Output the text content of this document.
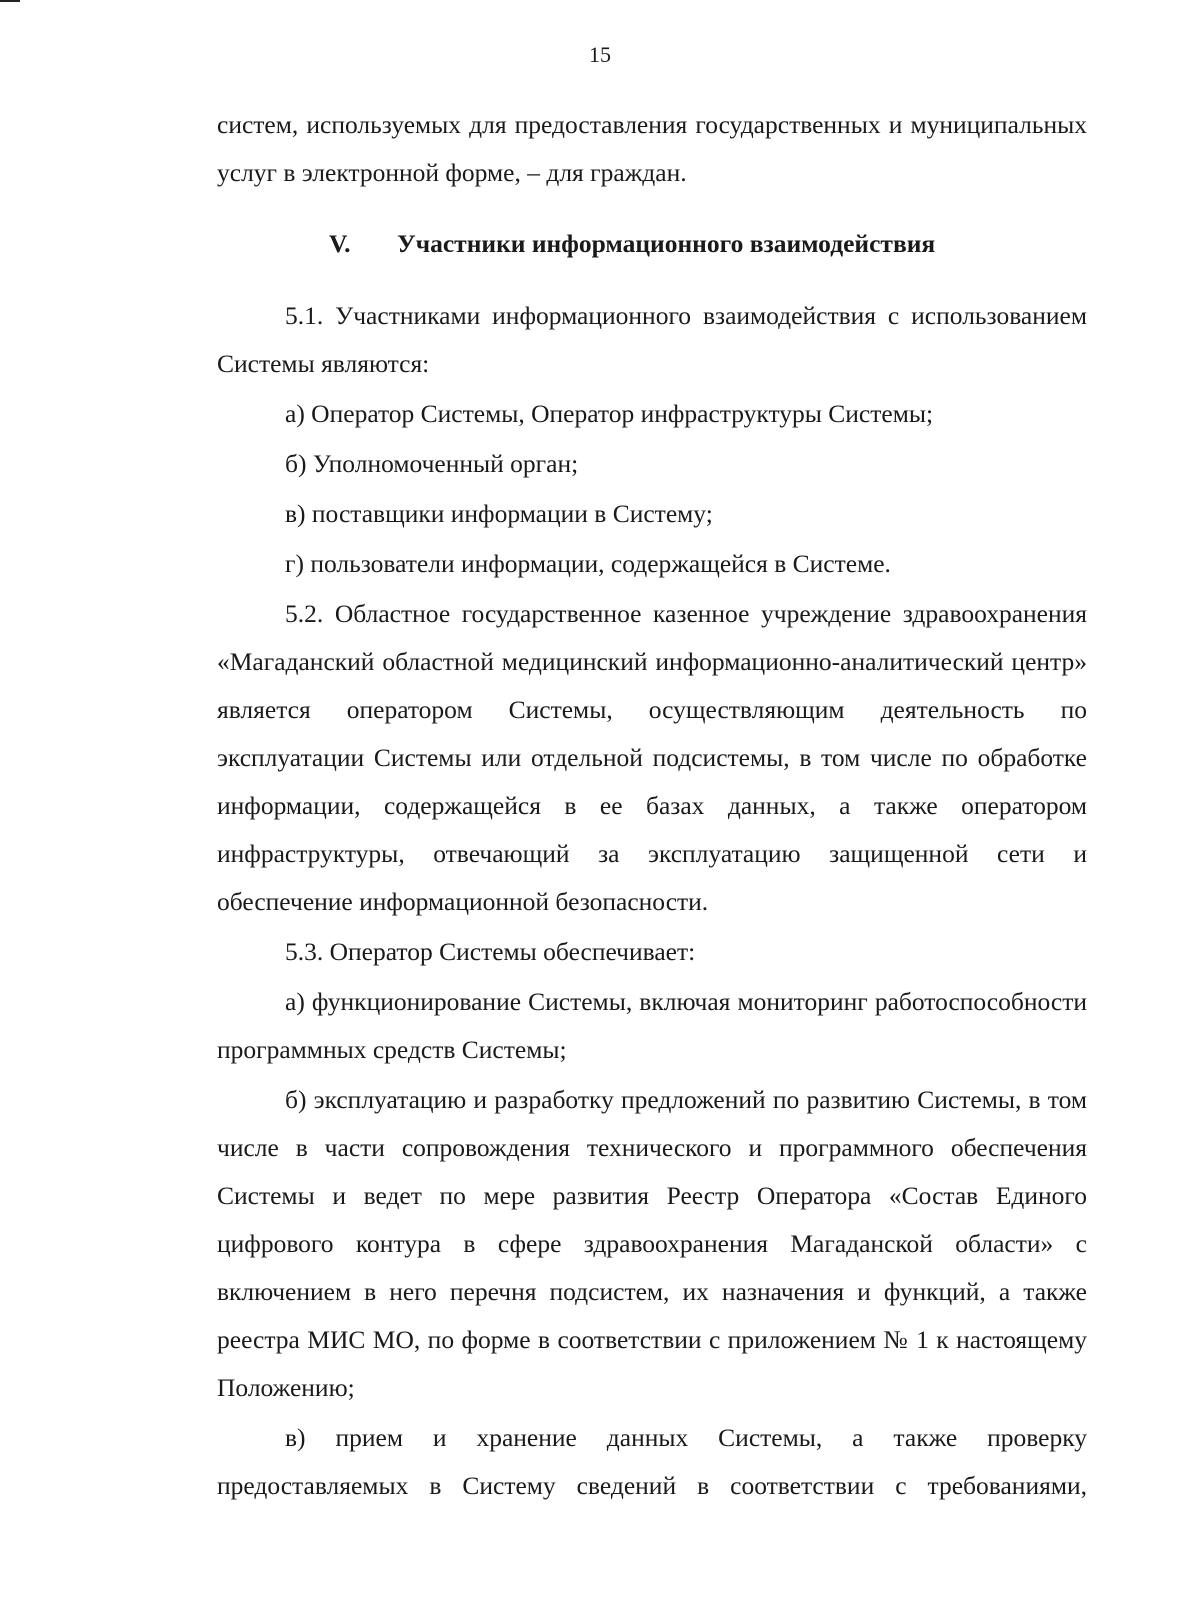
15

систем, используемых для предоставления государственных и муниципальных услуг в электронной форме, – для граждан.

V. Участники информационного взаимодействия

5.1. Участниками информационного взаимодействия с использованием Системы являются:

а) Оператор Системы, Оператор инфраструктуры Системы;

б) Уполномоченный орган;

в) поставщики информации в Систему;

г) пользователи информации, содержащейся в Системе.

5.2. Областное государственное казенное учреждение здравоохранения «Магаданский областной медицинский информационно-аналитический центр» является оператором Системы, осуществляющим деятельность по эксплуатации Системы или отдельной подсистемы, в том числе по обработке информации, содержащейся в ее базах данных, а также оператором инфраструктуры, отвечающий за эксплуатацию защищенной сети и обеспечение информационной безопасности.

5.3. Оператор Системы обеспечивает:

а) функционирование Системы, включая мониторинг работоспособности программных средств Системы;

б) эксплуатацию и разработку предложений по развитию Системы, в том числе в части сопровождения технического и программного обеспечения Системы и ведет по мере развития Реестр Оператора «Состав Единого цифрового контура в сфере здравоохранения Магаданской области» с включением в него перечня подсистем, их назначения и функций, а также реестра МИС МО, по форме в соответствии с приложением № 1 к настоящему Положению;

в) прием и хранение данных Системы, а также проверку предоставляемых в Систему сведений в соответствии с требованиями,
